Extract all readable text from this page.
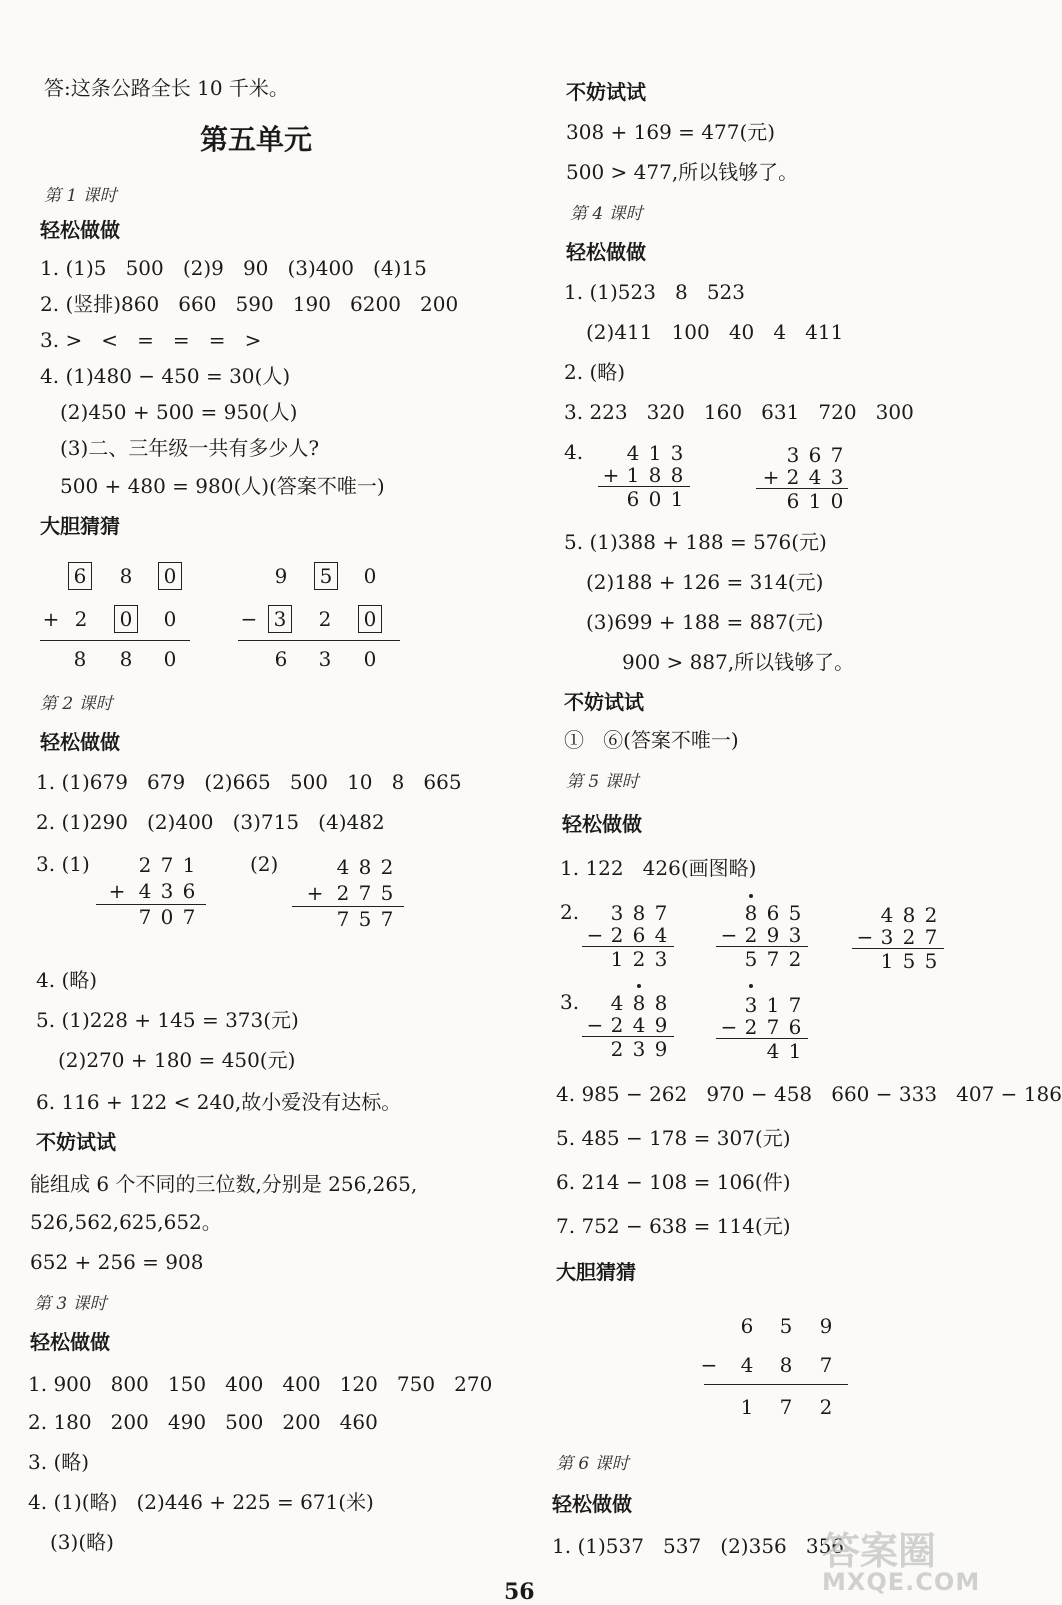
答:这条公路全长 10 千米。
第五单元
第 1 课时
轻松做做
1. (1)5   500   (2)9   90   (3)400   (4)15
2. (竖排)860   660   590   190   6200   200
3. >   <   =   =   =   >
4. (1)480 − 450 = 30(人)
(2)450 + 500 = 950(人)
(3)二、三年级一共有多少人?
500 + 480 = 980(人)(答案不唯一)
大胆猜猜
6 8 0
+ 2 0 0
8 8 0
9 5 0
− 3 2 0
6 3 0
第 2 课时
轻松做做
1. (1)679   679   (2)665   500   10   8   665
2. (1)290   (2)400   (3)715   (4)482
3. (1)	(2)
2 7 1
+ 4 3 6
7 0 7
4 8 2
+ 2 7 5
7 5 7
4. (略)
5. (1)228 + 145 = 373(元)
(2)270 + 180 = 450(元)
6. 116 + 122 < 240,故小爱没有达标。
不妨试试
能组成 6 个不同的三位数,分别是 256,265,
526,562,625,652。
652 + 256 = 908
第 3 课时
轻松做做
1. 900   800   150   400   400   120   750   270
2. 180   200   490   500   200   460
3. (略)
4. (1)(略)   (2)446 + 225 = 671(米)
(3)(略)
不妨试试
308 + 169 = 477(元)
500 > 477,所以钱够了。
第 4 课时
轻松做做
1. (1)523   8   523
(2)411   100   40   4   411
2. (略)
3. 223   320   160   631   720   300
4. 4 1 3
+ 1 8 8
6 0 1
3 6 7
+ 2 4 3
6 1 0
5. (1)388 + 188 = 576(元)
(2)188 + 126 = 314(元)
(3)699 + 188 = 887(元)
900 > 887,所以钱够了。
不妨试试
①   ⑥(答案不唯一)
第 5 课时
轻松做做
1. 122   426(画图略)
2. 3 8 7
− 2 6 4
1 2 3
8 6 5
− 2 9 3
5 7 2
4 8 2
− 3 2 7
1 5 5
3. 4 8 8
− 2 4 9
2 3 9
3 1 7
− 2 7 6
4 1
4. 985 − 262   970 − 458   660 − 333   407 − 186
5. 485 − 178 = 307(元)
6. 214 − 108 = 106(件)
7. 752 − 638 = 114(元)
大胆猜猜
6 5 9
− 4 8 7
1 7 2
第 6 课时
轻松做做
1. (1)537   537   (2)356   356
56
答案圈
MXQE.COM
